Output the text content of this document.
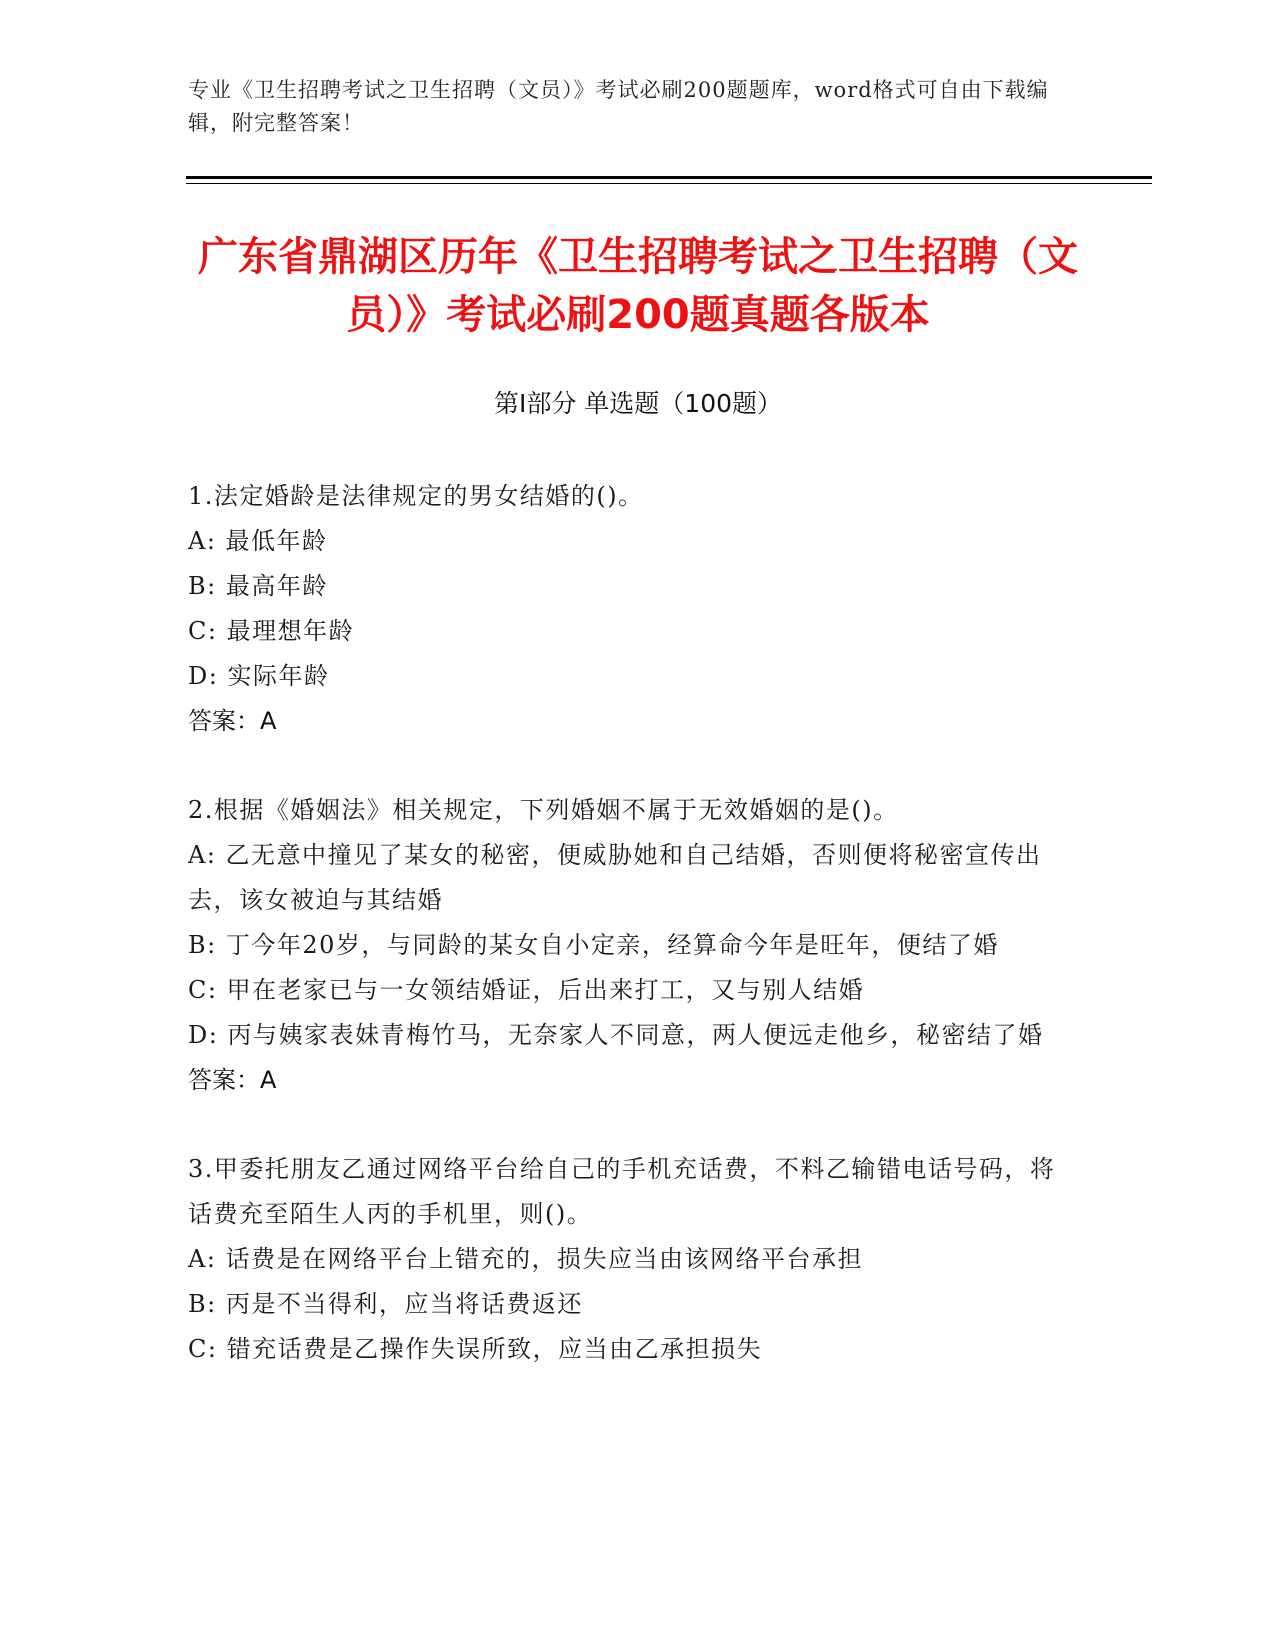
专业《卫生招聘考试之卫生招聘（文员）》考试必刷200题题库，word格式可自由下载编辑，附完整答案！
广东省鼎湖区历年《卫生招聘考试之卫生招聘（文员）》考试必刷200题真题各版本
第Ⅰ部分 单选题（100题）
1.法定婚龄是法律规定的男女结婚的()。
A: 最低年龄
B: 最高年龄
C: 最理想年龄
D: 实际年龄
答案：A
2.根据《婚姻法》相关规定，下列婚姻不属于无效婚姻的是()。
A: 乙无意中撞见了某女的秘密，便威胁她和自己结婚，否则便将秘密宣传出去，该女被迫与其结婚
B: 丁今年20岁，与同龄的某女自小定亲，经算命今年是旺年，便结了婚
C: 甲在老家已与一女领结婚证，后出来打工，又与别人结婚
D: 丙与姨家表妹青梅竹马，无奈家人不同意，两人便远走他乡，秘密结了婚
答案：A
3.甲委托朋友乙通过网络平台给自己的手机充话费，不料乙输错电话号码，将话费充至陌生人丙的手机里，则()。
A: 话费是在网络平台上错充的，损失应当由该网络平台承担
B: 丙是不当得利，应当将话费返还
C: 错充话费是乙操作失误所致，应当由乙承担损失
